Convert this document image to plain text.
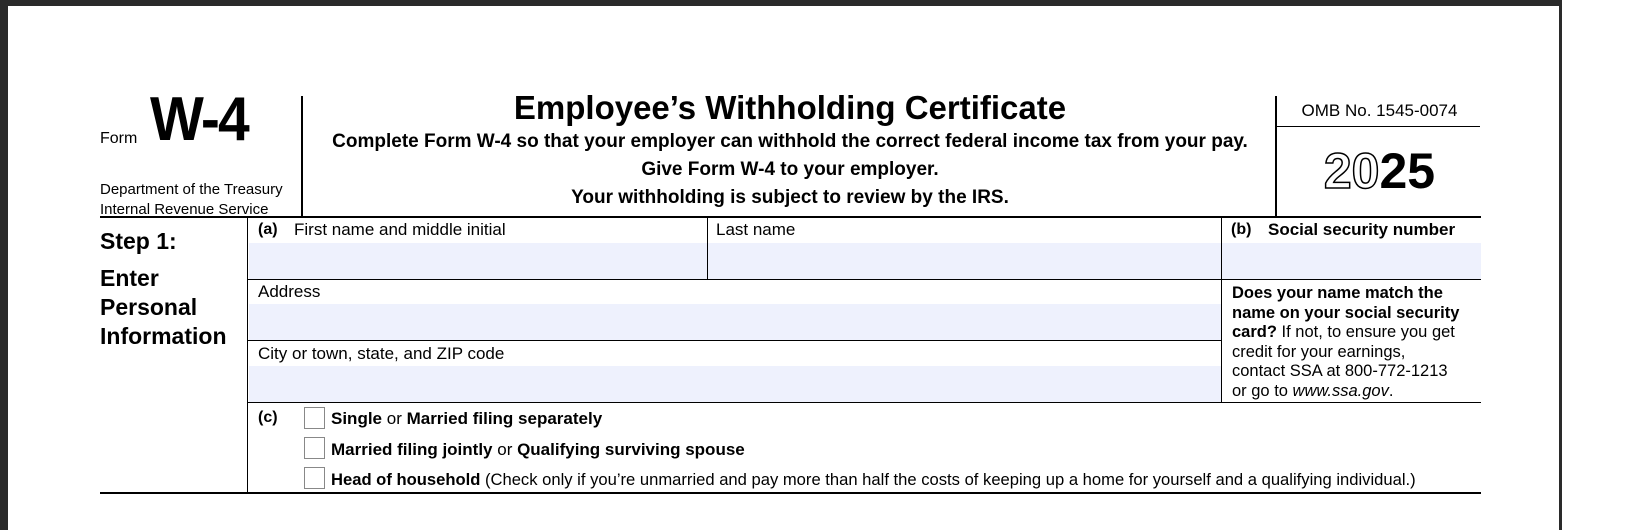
Form W-4
Department of the Treasury
Internal Revenue Service
Employee’s Withholding Certificate
Complete Form W-4 so that your employer can withhold the correct federal income tax from your pay.
Give Form W-4 to your employer.
Your withholding is subject to review by the IRS.
OMB No. 1545-0074
2025
Step 1:
Enter
Personal
Information
(a) First name and middle initial	Last name	(b) Social security number
Address
City or town, state, and ZIP code
Does your name match the
name on your social security
card? If not, to ensure you get
credit for your earnings,
contact SSA at 800-772-1213
or go to www.ssa.gov.
(c)	Single or Married filing separately
Married filing jointly or Qualifying surviving spouse
Head of household (Check only if you’re unmarried and pay more than half the costs of keeping up a home for yourself and a qualifying individual.)
